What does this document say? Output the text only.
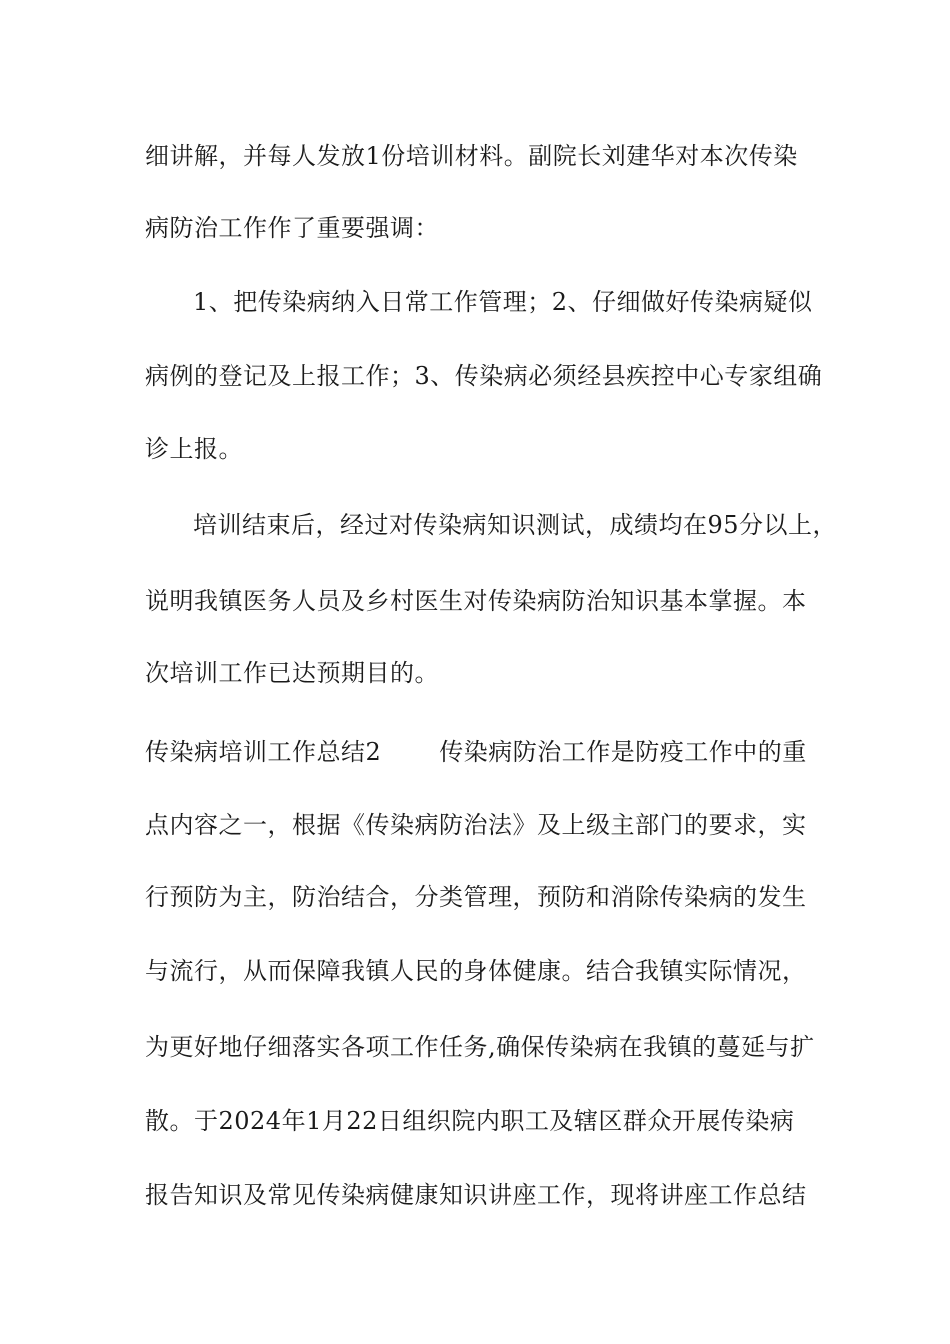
细讲解，并每人发放1份培训材料。副院长刘建华对本次传染
病防治工作作了重要强调：
1、把传染病纳入日常工作管理；2、仔细做好传染病疑似
病例的登记及上报工作；3、传染病必须经县疾控中心专家组确
诊上报。
培训结束后，经过对传染病知识测试，成绩均在95分以上，
说明我镇医务人员及乡村医生对传染病防治知识基本掌握。本
次培训工作已达预期目的。
传染病培训工作总结2 传染病防治工作是防疫工作中的重
点内容之一，根据《传染病防治法》及上级主部门的要求，实
行预防为主，防治结合，分类管理，预防和消除传染病的发生
与流行，从而保障我镇人民的身体健康。结合我镇实际情况，
为更好地仔细落实各项工作任务,确保传染病在我镇的蔓延与扩
散。于2024年1月22日组织院内职工及辖区群众开展传染病
报告知识及常见传染病健康知识讲座工作，现将讲座工作总结
